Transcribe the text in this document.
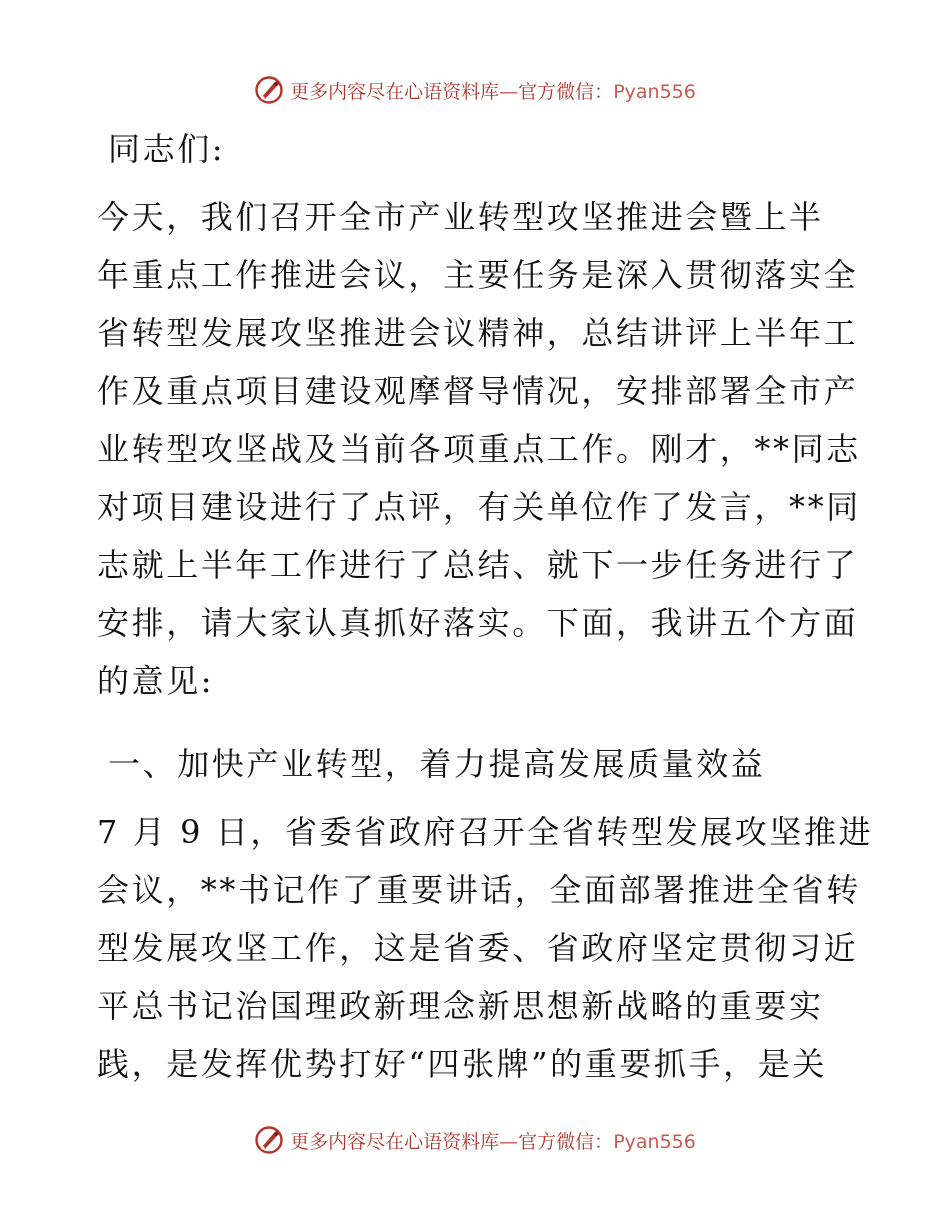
更多内容尽在心语资料库—官方微信：Pyan556

同志们:

今天，我们召开全市产业转型攻坚推进会暨上半
年重点工作推进会议，主要任务是深入贯彻落实全
省转型发展攻坚推进会议精神，总结讲评上半年工
作及重点项目建设观摩督导情况，安排部署全市产
业转型攻坚战及当前各项重点工作。刚才，**同志
对项目建设进行了点评，有关单位作了发言，**同
志就上半年工作进行了总结、就下一步任务进行了
安排，请大家认真抓好落实。下面，我讲五个方面
的意见:

一、加快产业转型，着力提高发展质量效益

7 月 9 日，省委省政府召开全省转型发展攻坚推进
会议，**书记作了重要讲话，全面部署推进全省转
型发展攻坚工作，这是省委、省政府坚定贯彻习近
平总书记治国理政新理念新思想新战略的重要实
践，是发挥优势打好“四张牌”的重要抓手，是关

更多内容尽在心语资料库—官方微信：Pyan556
